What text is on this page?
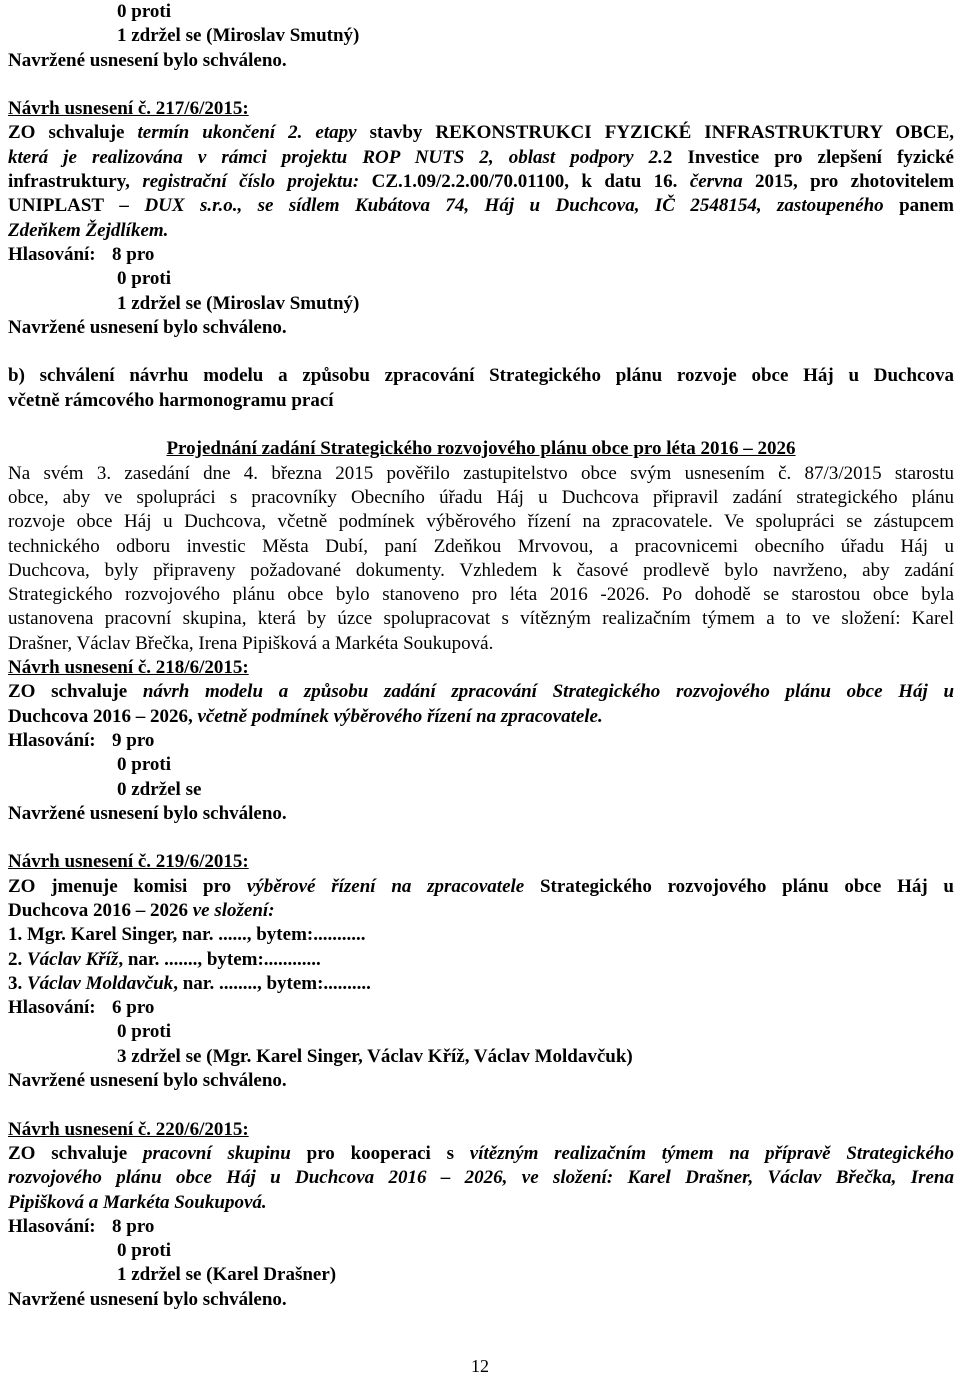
0 proti
1 zdržel se (Miroslav Smutný)
Navržené usnesení bylo schváleno.
Návrh usnesení č. 217/6/2015:
ZO schvaluje termín ukončení 2. etapy stavby REKONSTRUKCI FYZICKÉ INFRASTRUKTURY OBCE,
která je realizována v rámci projektu ROP NUTS 2, oblast podpory 2.2 Investice pro zlepšení fyzické
infrastruktury, registrační číslo projektu: CZ.1.09/2.2.00/70.01100, k datu 16. června 2015, pro zhotovitelem
UNIPLAST – DUX s.r.o., se sídlem Kubátova 74, Háj u Duchcova, IČ 2548154, zastoupeného panem
Zdeňkem Žejdlíkem.
Hlasování: 8 pro
0 proti
1 zdržel se (Miroslav Smutný)
Navržené usnesení bylo schváleno.
b) schválení návrhu modelu a způsobu zpracování Strategického plánu rozvoje obce Háj u Duchcova
včetně rámcového harmonogramu prací
Projednání zadání Strategického rozvojového plánu obce pro léta 2016 – 2026
Na svém 3. zasedání dne 4. března 2015 pověřilo zastupitelstvo obce svým usnesením č. 87/3/2015 starostu
obce, aby ve spolupráci s pracovníky Obecního úřadu Háj u Duchcova připravil zadání strategického plánu
rozvoje obce Háj u Duchcova, včetně podmínek výběrového řízení na zpracovatele. Ve spolupráci se zástupcem
technického odboru investic Města Dubí, paní Zdeňkou Mrvovou, a pracovnicemi obecního úřadu Háj u
Duchcova, byly připraveny požadované dokumenty. Vzhledem k časové prodlevě bylo navrženo, aby zadání
Strategického rozvojového plánu obce bylo stanoveno pro léta 2016 -2026. Po dohodě se starostou obce byla
ustanovena pracovní skupina, která by úzce spolupracovat s vítězným realizačním týmem a to ve složení: Karel
Drašner, Václav Břečka, Irena Pipišková a Markéta Soukupová.
Návrh usnesení č. 218/6/2015:
ZO schvaluje návrh modelu a způsobu zadání zpracování Strategického rozvojového plánu obce Háj u
Duchcova 2016 – 2026, včetně podmínek výběrového řízení na zpracovatele.
Hlasování: 9 pro
0 proti
0 zdržel se
Navržené usnesení bylo schváleno.
Návrh usnesení č. 219/6/2015:
ZO jmenuje komisi pro výběrové řízení na zpracovatele Strategického rozvojového plánu obce Háj u
Duchcova 2016 – 2026 ve složení:
1. Mgr. Karel Singer, nar. ......, bytem:...........
2. Václav Kříž, nar. ......., bytem:............
3. Václav Moldavčuk, nar. ........, bytem:..........
Hlasování: 6 pro
0 proti
3 zdržel se (Mgr. Karel Singer, Václav Kříž, Václav Moldavčuk)
Navržené usnesení bylo schváleno.
Návrh usnesení č. 220/6/2015:
ZO schvaluje pracovní skupinu pro kooperaci s vítězným realizačním týmem na přípravě Strategického
rozvojového plánu obce Háj u Duchcova 2016 – 2026, ve složení: Karel Drašner, Václav Břečka, Irena
Pipišková a Markéta Soukupová.
Hlasování: 8 pro
0 proti
1 zdržel se (Karel Drašner)
Navržené usnesení bylo schváleno.
12
